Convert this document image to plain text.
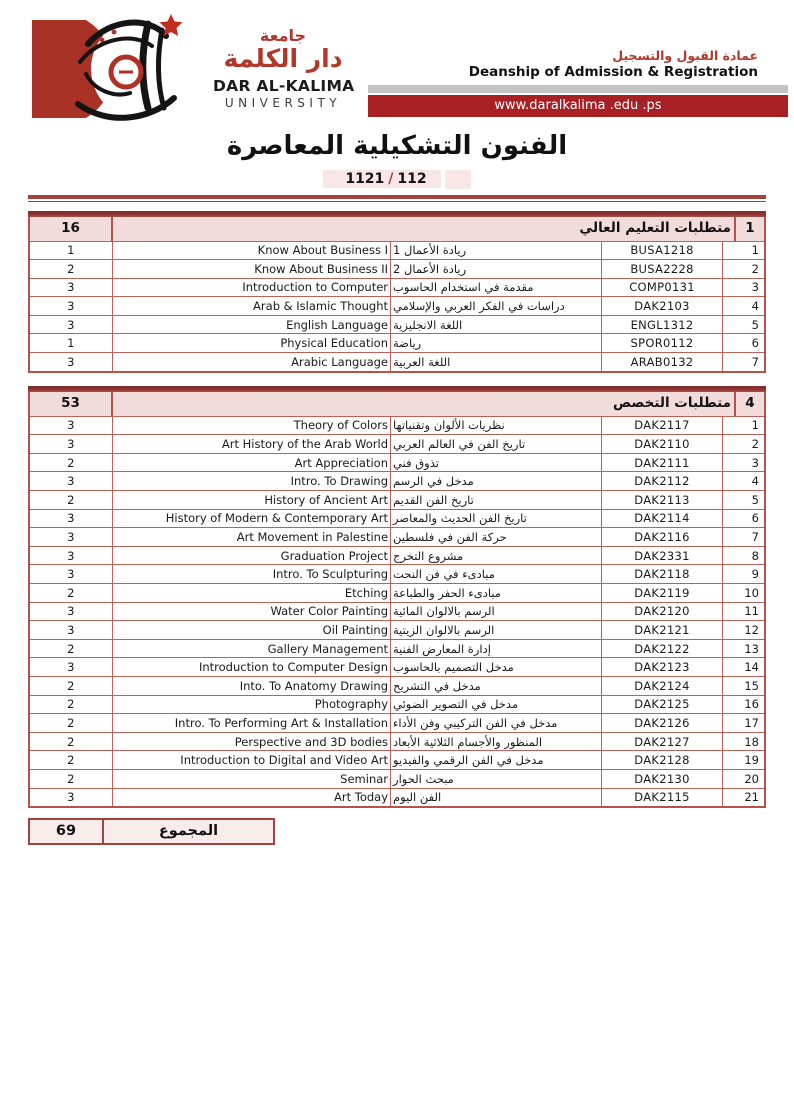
جامعة
دار الكلمة
DAR AL-KALIMA
UNIVERSITY
عمادة القبول والتسجيل
Deanship of Admission & Registration
www.daralkalima .edu .ps
الفنون التشكيلية المعاصرة
1121 / 112
16	متطلبات التعليم العالي	1
1	Know About Business I ريادة الأعمال 1	BUSA1218	1
2	Know About Business II ريادة الأعمال 2	BUSA2228	2
3	Introduction to Computer مقدمة في استخدام الحاسوب	COMP0131	3
3	Arab & Islamic Thought دراسات في الفكر العربي والإسلامي	DAK2103	4
3	English Language اللغة الانجليزية	ENGL1312	5
1	Physical Education رياضة	SPOR0112	6
3	Arabic Language اللغة العربية	ARAB0132	7
53	متطلبات التخصص	4
3	Theory of Colors نظريات الألوان وتقنياتها	DAK2117	1
3	Art History of the Arab World تاريخ الفن في العالم العربي	DAK2110	2
2	Art Appreciation تذوق فني	DAK2111	3
3	Intro. To Drawing مدخل في الرسم	DAK2112	4
2	History of Ancient Art تاريخ الفن القديم	DAK2113	5
3	History of Modern & Contemporary Art تاريخ الفن الحديث والمعاصر	DAK2114	6
3	Art Movement in Palestine حركة الفن في فلسطين	DAK2116	7
3	Graduation Project مشروع التخرج	DAK2331	8
3	Intro. To Sculpturing مبادىء في فن النحت	DAK2118	9
2	Etching مبادىء الحفر والطباعة	DAK2119	10
3	Water Color Painting الرسم بالالوان المائية	DAK2120	11
3	Oil Painting الرسم بالالوان الزيتية	DAK2121	12
2	Gallery Management إدارة المعارض الفنية	DAK2122	13
3	Introduction to Computer Design مدخل التصميم بالحاسوب	DAK2123	14
2	Into. To Anatomy Drawing مدخل في التشريح	DAK2124	15
2	Photography مدخل في التصوير الضوئي	DAK2125	16
2	Intro. To Performing Art & Installation مدخل في الفن التركيبي وفن الأداء	DAK2126	17
2	Perspective and 3D bodies المنظور والأجسام الثلاثية الأبعاد	DAK2127	18
2	Introduction to Digital and Video Art مدخل في الفن الرقمي والفيديو	DAK2128	19
2	Seminar مبحث الحوار	DAK2130	20
3	Art Today الفن اليوم	DAK2115	21
69	المجموع
